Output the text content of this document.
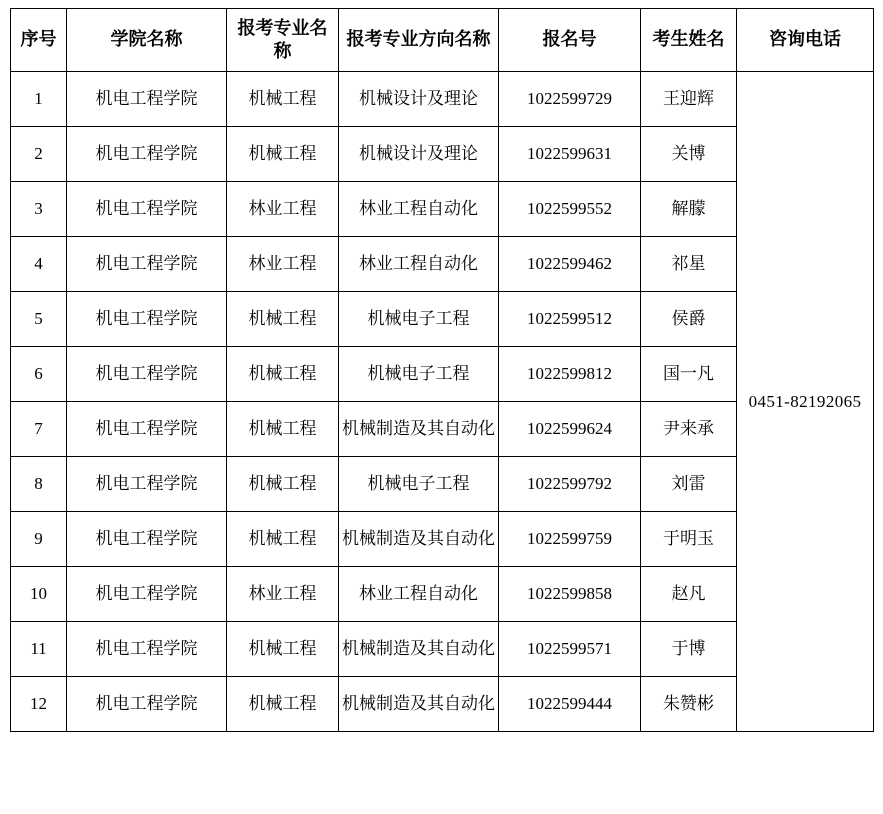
序号	学院名称	报考专业名称	报考专业方向名称	报名号	考生姓名	咨询电话
1	机电工程学院	机械工程	机械设计及理论	1022599729	王迎辉	0451-82192065
2	机电工程学院	机械工程	机械设计及理论	1022599631	关博	
3	机电工程学院	林业工程	林业工程自动化	1022599552	解朦	
4	机电工程学院	林业工程	林业工程自动化	1022599462	祁星	
5	机电工程学院	机械工程	机械电子工程	1022599512	侯爵	
6	机电工程学院	机械工程	机械电子工程	1022599812	国一凡	
7	机电工程学院	机械工程	机械制造及其自动化	1022599624	尹来承	
8	机电工程学院	机械工程	机械电子工程	1022599792	刘雷	
9	机电工程学院	机械工程	机械制造及其自动化	1022599759	于明玉	
10	机电工程学院	林业工程	林业工程自动化	1022599858	赵凡	
11	机电工程学院	机械工程	机械制造及其自动化	1022599571	于博	
12	机电工程学院	机械工程	机械制造及其自动化	1022599444	朱赞彬	
